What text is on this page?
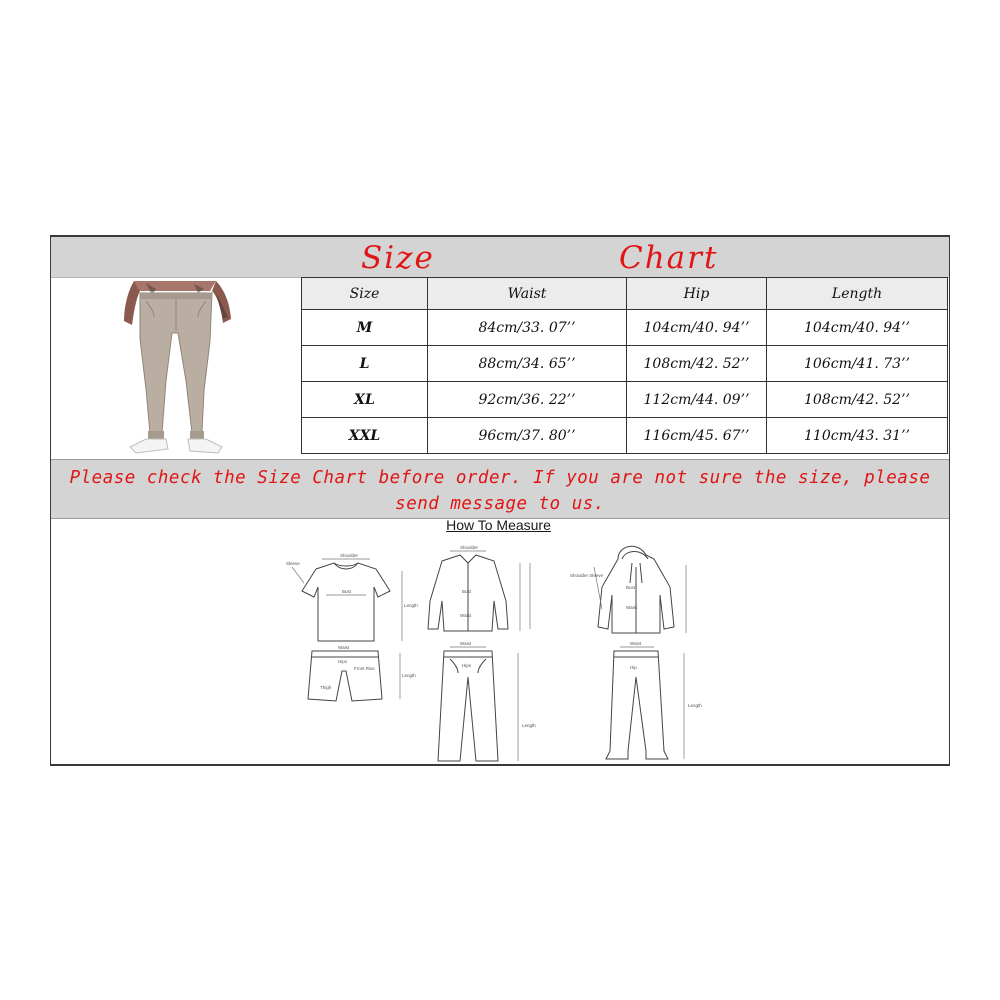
Size	Chart
Size	Waist	Hip	Length
M	84cm/33. 07’’	104cm/40. 94’’	104cm/40. 94’’
L	88cm/34. 65’’	108cm/42. 52’’	106cm/41. 73’’
XL	92cm/36. 22’’	112cm/44. 09’’	108cm/42. 52’’
XXL	96cm/37. 80’’	116cm/45. 67’’	110cm/43. 31’’
Please check the Size Chart before order. If you are not sure the size, please send message to us.
How To Measure
Shoulder
Bust
Length
Sleeve
Waist
Hips
Front Rise
Thigh
Length
Shoulder
Bust
Waist
Waist
Hips
Length
Bust
Waist
Shoulder Sleeve
Waist
Hip
Length
